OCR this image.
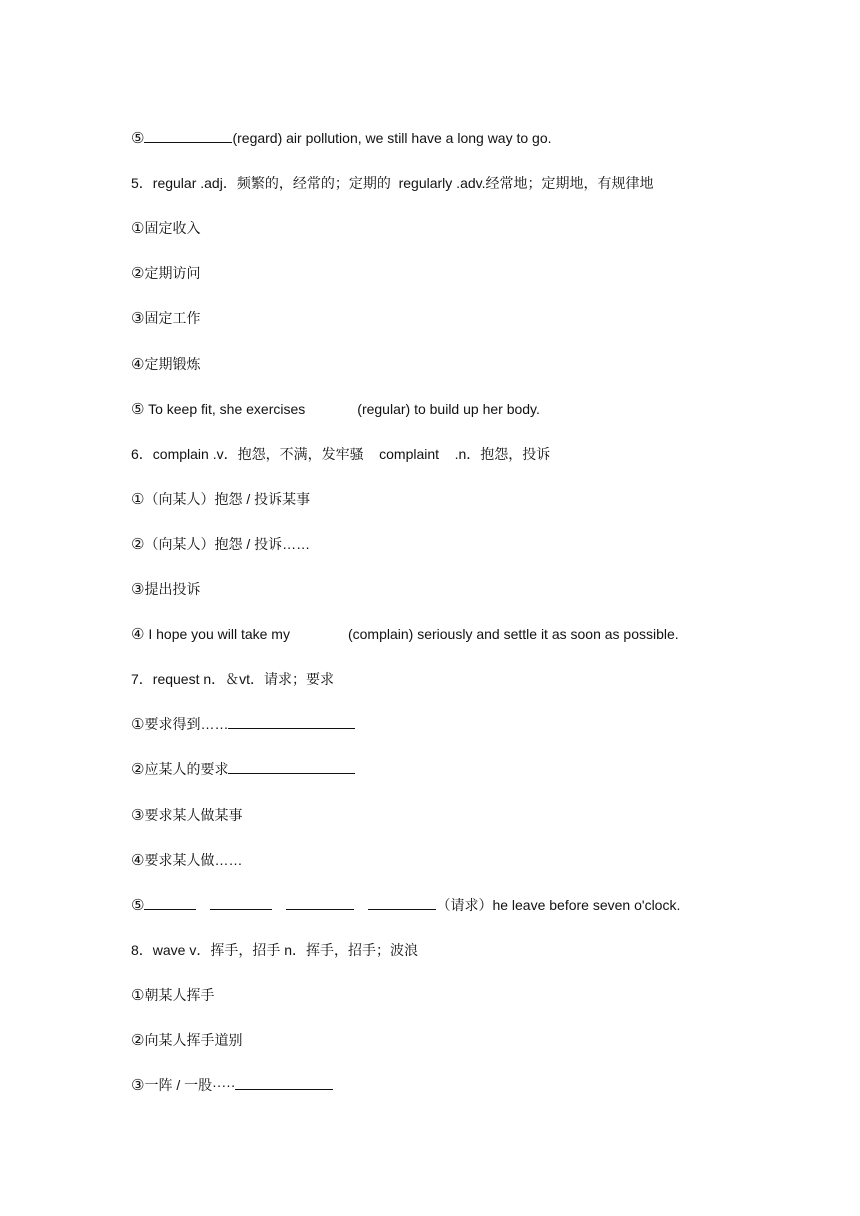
⑤	(regard) air pollution, we still have a long way to go.
5．regular .adj．频繁的，经常的；定期的  regularly .adv.经常地；定期地，有规律地
①固定收入
②定期访问
③固定工作
④定期锻炼
⑤ To keep fit, she exercises	(regular) to build up her body.
6．complain .v．抱怨，不满，发牢骚    complaint    .n．抱怨，投诉
①（向某人）抱怨 / 投诉某事
②（向某人）抱怨 / 投诉……
③提出投诉
④ I hope you will take my	(complain) seriously and settle it as soon as possible.
7．request n．＆vt．请求；要求
①要求得到……
②应某人的要求
③要求某人做某事
④要求某人做……
⑤	（请求）he leave before seven o'clock.
8．wave v．挥手，招手 n．挥手，招手；波浪
①朝某人挥手
②向某人挥手道别
③一阵 / 一股·····
